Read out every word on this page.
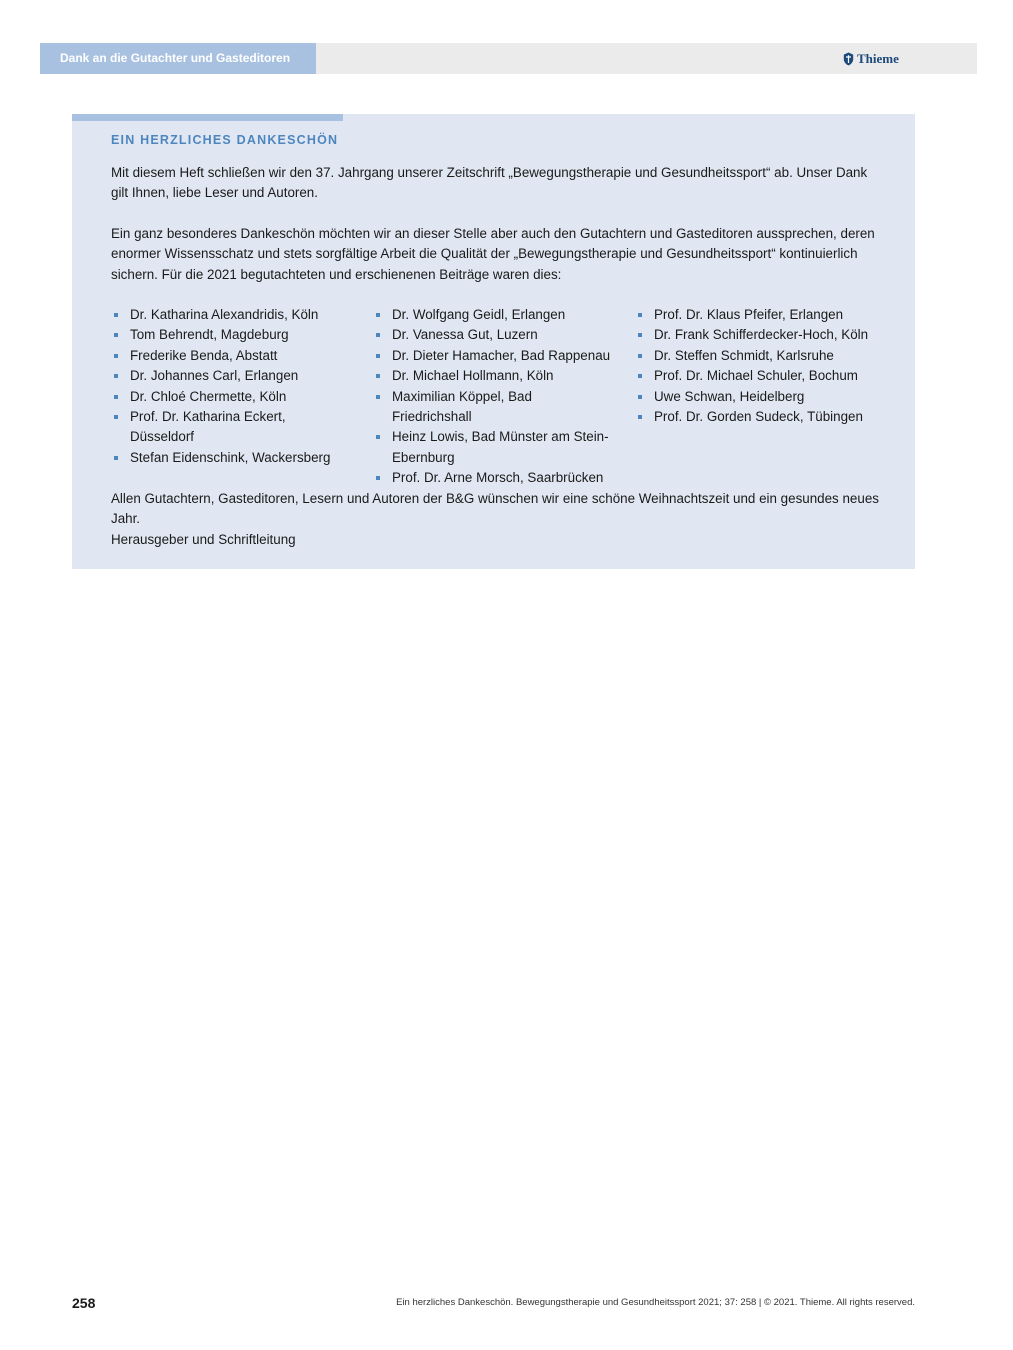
Dank an die Gutachter und Gasteditoren	Thieme
EIN HERZLICHES DANKESCHÖN

Mit diesem Heft schließen wir den 37. Jahrgang unserer Zeitschrift „Bewegungstherapie und Gesundheitssport“ ab. Unser Dank gilt Ihnen, liebe Leser und Autoren.

Ein ganz besonderes Dankeschön möchten wir an dieser Stelle aber auch den Gutachtern und Gasteditoren aussprechen, deren enormer Wissensschatz und stets sorgfältige Arbeit die Qualität der „Bewegungstherapie und Gesundheitssport“ kontinuierlich sichern. Für die 2021 begutachteten und erschienenen Beiträge waren dies:

Dr. Katharina Alexandridis, Köln
Tom Behrendt, Magdeburg
Frederike Benda, Abstatt
Dr. Johannes Carl, Erlangen
Dr. Chloé Chermette, Köln
Prof. Dr. Katharina Eckert, Düsseldorf
Stefan Eidenschink, Wackersberg
Dr. Wolfgang Geidl, Erlangen
Dr. Vanessa Gut, Luzern
Dr. Dieter Hamacher, Bad Rappenau
Dr. Michael Hollmann, Köln
Maximilian Köppel, Bad Friedrichshall
Heinz Lowis, Bad Münster am Stein-Ebernburg
Prof. Dr. Arne Morsch, Saarbrücken
Prof. Dr. Klaus Pfeifer, Erlangen
Dr. Frank Schifferdecker-Hoch, Köln
Dr. Steffen Schmidt, Karlsruhe
Prof. Dr. Michael Schuler, Bochum
Uwe Schwan, Heidelberg
Prof. Dr. Gorden Sudeck, Tübingen
Allen Gutachtern, Gasteditoren, Lesern und Autoren der B&G wünschen wir eine schöne Weihnachtszeit und ein gesundes neues Jahr.
Herausgeber und Schriftleitung
258	Ein herzliches Dankeschön. Bewegungstherapie und Gesundheitssport 2021; 37: 258 | © 2021. Thieme. All rights reserved.
